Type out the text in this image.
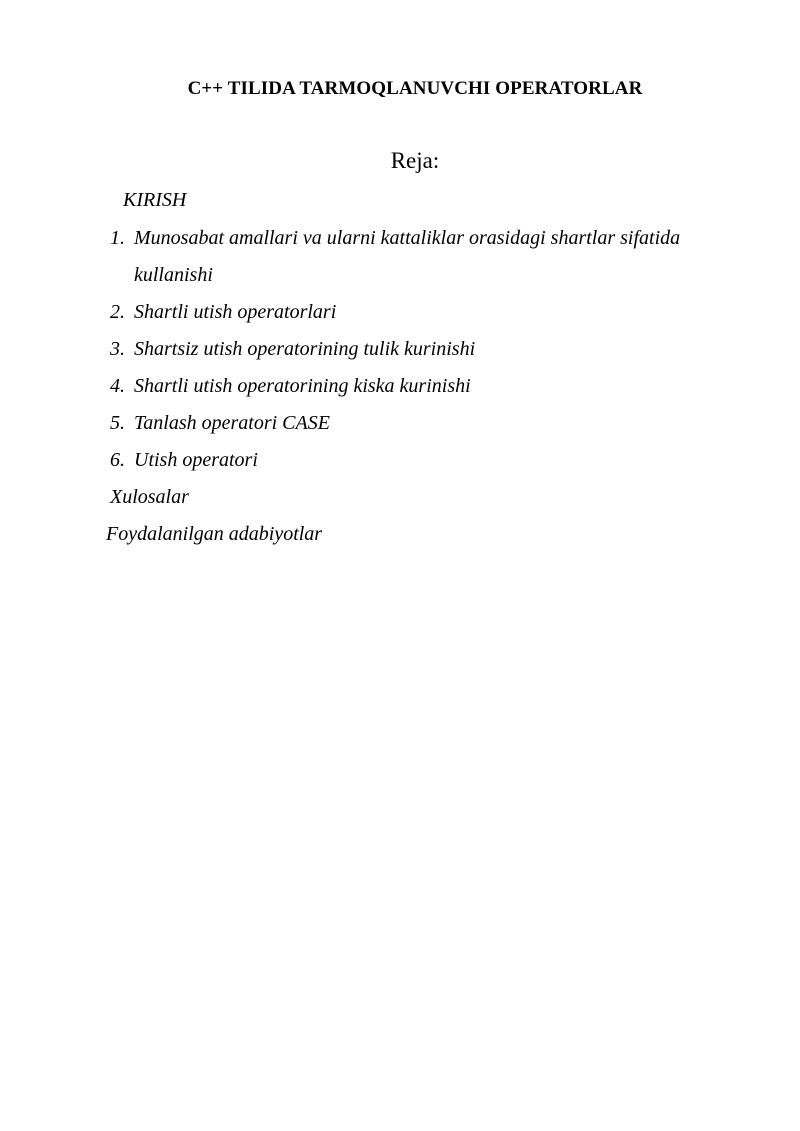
C++ TILIDA TARMOQLANUVCHI OPERATORLAR
Reja:
KIRISH
1. Munosabat amallari va ularni kattaliklar orasidagi shartlar sifatida
kullanishi
2. Shartli utish operatorlari
3. Shartsiz utish operatorining tulik kurinishi
4. Shartli utish operatorining kiska kurinishi
5. Tanlash operatori CASE
6. Utish operatori
Xulosalar
Foydalanilgan adabiyotlar
